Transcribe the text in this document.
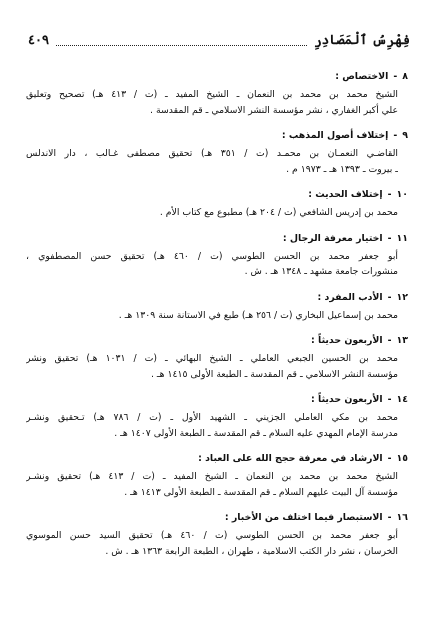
فِهْرِسُ ٱلْمَصَادِرِ
٤٠٩
٨
-
الاختصاص :
الشيخ محمد بن محمد بن النعمان ـ الشيخ المفيد ـ (ت / ٤١٣ هـ) تصحيح وتعليق
علي أكبر الغفاري ، نشر مؤسسة النشر الاسلامي ـ قم المقدسة .
٩
-
إختلاف أصول المذهب :
القاضـي النعمـان بن محمـد (ت / ٣٥١ هـ) تحقيق مصطفى غـالب ، دار الاندلس
ـ بيروت ـ ١٣٩٣ هـ ـ ١٩٧٣ م .
١٠
-
إختلاف الحديث :
محمد بن إدريس الشافعي (ت / ٢٠٤ هـ) مطبوع مع كتاب الأم .
١١
-
اختيار معرفة الرجال :
أبو جعفر محمد بن الحسن الطوسي (ت / ٤٦٠ هـ) تحقيق حسن المصطفوي ،
منشورات جامعة مشهد ـ ١٣٤٨ هـ . ش .
١٢
-
الأدب المفرد :
محمد بن إسماعيل البخاري (ت / ٢٥٦ هـ) طبع في الاستانة سنة ١٣٠٩ هـ .
١٣
-
الأربعون حديثاً :
محمد بن الحسين الجبعي العاملي ـ الشيخ البهائي ـ (ت / ١٠٣١ هـ) تحقيق ونشر
مؤسسة النشر الاسلامي ـ قم المقدسة ـ الطبعة الأولى ١٤١٥ هـ .
١٤
-
الأربعون حديثاً :
محمد بن مكي العاملي الجزيني ـ الشهيد الأول ـ (ت / ٧٨٦ هـ) تـحقيق ونشـر
مدرسة الإمام المهدي عليه السلام ـ قم المقدسة ـ الطبعة الأولى ١٤٠٧ هـ .
١٥
-
الارشاد في معرفة حجج الله على العباد :
الشيخ محمد بن محمد بن النعمان ـ الشيخ المفيد ـ (ت / ٤١٣ هـ) تحقيق ونشـر
مؤسسة آل البيت عليهم السلام ـ قم المقدسة ـ الطبعة الأولى ١٤١٣ هـ .
١٦
-
الاستبصار فيما اختلف من الأخبار :
أبو جعفر محمد بن الحسن الطوسي (ت / ٤٦٠ هـ) تحقيق السيد حسن الموسوي
الخرسان ، نشر دار الكتب الاسلامية ، طهران ، الطبعة الرابعة ١٣٦٣ هـ . ش .
